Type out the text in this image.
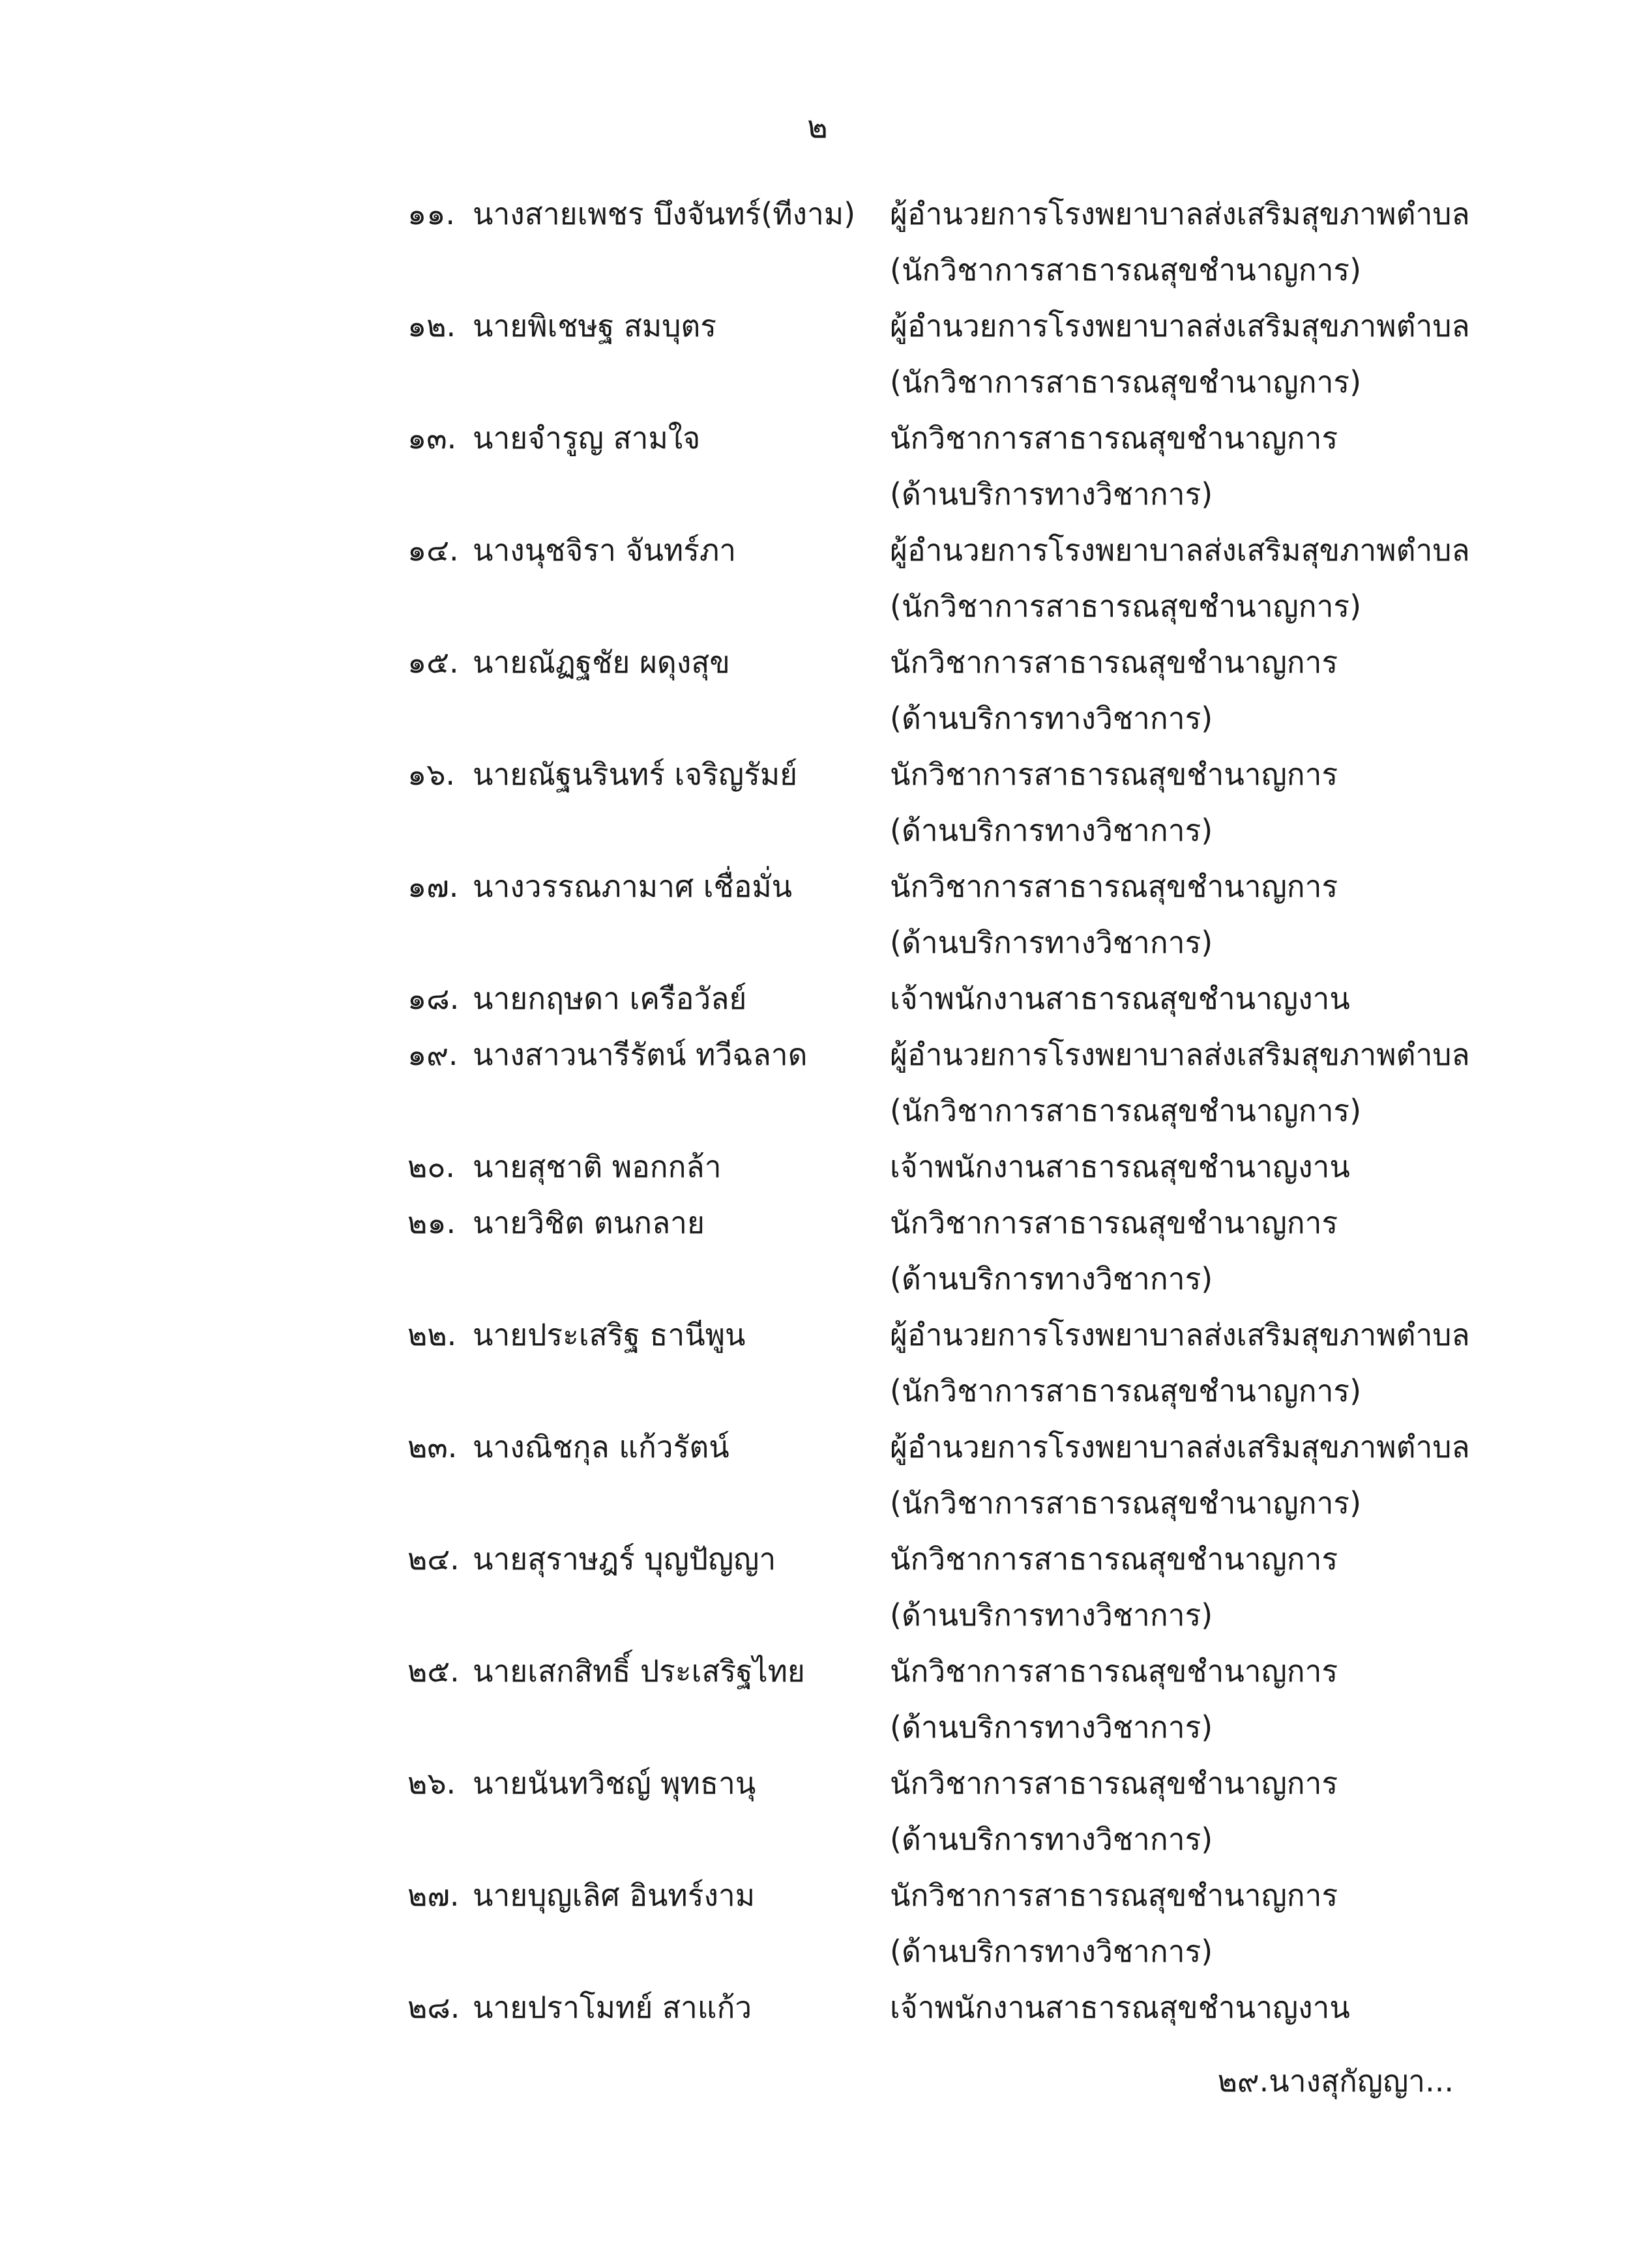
๒
๑๑. นางสายเพชร บึงจันทร์(ทีงาม)	ผู้อำนวยการโรงพยาบาลส่งเสริมสุขภาพตำบล
(นักวิชาการสาธารณสุขชำนาญการ)
๑๒. นายพิเชษฐ สมบุตร	ผู้อำนวยการโรงพยาบาลส่งเสริมสุขภาพตำบล
(นักวิชาการสาธารณสุขชำนาญการ)
๑๓. นายจำรูญ สามใจ	นักวิชาการสาธารณสุขชำนาญการ
(ด้านบริการทางวิชาการ)
๑๔. นางนุชจิรา จันทร์ภา	ผู้อำนวยการโรงพยาบาลส่งเสริมสุขภาพตำบล
(นักวิชาการสาธารณสุขชำนาญการ)
๑๕. นายณัฏฐชัย ผดุงสุข	นักวิชาการสาธารณสุขชำนาญการ
(ด้านบริการทางวิชาการ)
๑๖. นายณัฐนรินทร์ เจริญรัมย์	นักวิชาการสาธารณสุขชำนาญการ
(ด้านบริการทางวิชาการ)
๑๗. นางวรรณภามาศ เชื่อมั่น	นักวิชาการสาธารณสุขชำนาญการ
(ด้านบริการทางวิชาการ)
๑๘. นายกฤษดา เครือวัลย์	เจ้าพนักงานสาธารณสุขชำนาญงาน
๑๙. นางสาวนารีรัตน์ ทวีฉลาด	ผู้อำนวยการโรงพยาบาลส่งเสริมสุขภาพตำบล
(นักวิชาการสาธารณสุขชำนาญการ)
๒๐. นายสุชาติ พอกกล้า	เจ้าพนักงานสาธารณสุขชำนาญงาน
๒๑. นายวิชิต ตนกลาย	นักวิชาการสาธารณสุขชำนาญการ
(ด้านบริการทางวิชาการ)
๒๒. นายประเสริฐ ธานีพูน	ผู้อำนวยการโรงพยาบาลส่งเสริมสุขภาพตำบล
(นักวิชาการสาธารณสุขชำนาญการ)
๒๓. นางณิชกุล แก้วรัตน์	ผู้อำนวยการโรงพยาบาลส่งเสริมสุขภาพตำบล
(นักวิชาการสาธารณสุขชำนาญการ)
๒๔. นายสุราษฎร์ บุญปัญญา	นักวิชาการสาธารณสุขชำนาญการ
(ด้านบริการทางวิชาการ)
๒๕. นายเสกสิทธิ์ ประเสริฐไทย	นักวิชาการสาธารณสุขชำนาญการ
(ด้านบริการทางวิชาการ)
๒๖. นายนันทวิชญ์ พุทธานุ	นักวิชาการสาธารณสุขชำนาญการ
(ด้านบริการทางวิชาการ)
๒๗. นายบุญเลิศ อินทร์งาม	นักวิชาการสาธารณสุขชำนาญการ
(ด้านบริการทางวิชาการ)
๒๘. นายปราโมทย์ สาแก้ว	เจ้าพนักงานสาธารณสุขชำนาญงาน
๒๙.นางสุกัญญา...
